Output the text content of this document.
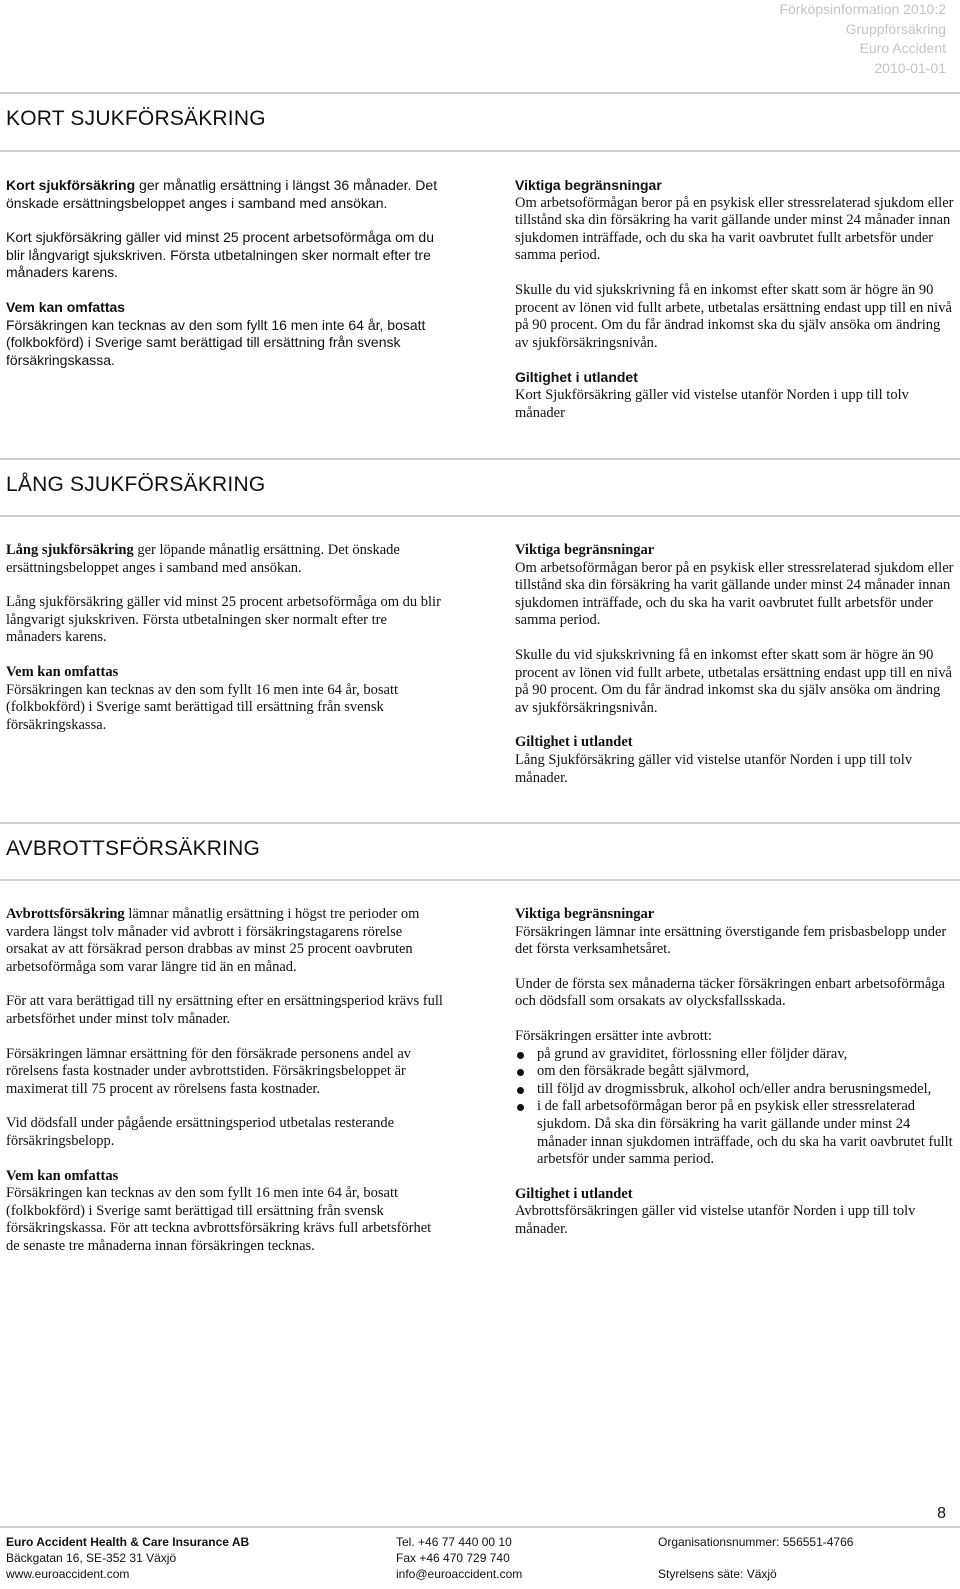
Förköpsinformation 2010:2
Gruppförsäkring
Euro Accident
2010-01-01
KORT SJUKFÖRSÄKRING

Kort sjukförsäkring ger månatlig ersättning i längst 36 månader. Det önskade ersättningsbeloppet anges i samband med ansökan.

Kort sjukförsäkring gäller vid minst 25 procent arbetsoförmåga om du blir långvarigt sjukskriven. Första utbetalningen sker normalt efter tre månaders karens.

Vem kan omfattas

Försäkringen kan tecknas av den som fyllt 16 men inte 64 år, bosatt (folkbokförd) i Sverige samt berättigad till ersättning från svensk försäkringskassa.

Viktiga begränsningar

Om arbetsoförmågan beror på en psykisk eller stressrelaterad sjukdom eller tillstånd ska din försäkring ha varit gällande under minst 24 månader innan sjukdomen inträffade, och du ska ha varit oavbrutet fullt arbetsför under samma period.

Skulle du vid sjukskrivning få en inkomst efter skatt som är högre än 90 procent av lönen vid fullt arbete, utbetalas ersättning endast upp till en nivå på 90 procent. Om du får ändrad inkomst ska du själv ansöka om ändring av sjukförsäkringsnivån.

Giltighet i utlandet

Kort Sjukförsäkring gäller vid vistelse utanför Norden i upp till tolv månader

LÅNG SJUKFÖRSÄKRING

Lång sjukförsäkring ger löpande månatlig ersättning. Det önskade ersättningsbeloppet anges i samband med ansökan.

Lång sjukförsäkring gäller vid minst 25 procent arbetsoförmåga om du blir långvarigt sjukskriven. Första utbetalningen sker normalt efter tre månaders karens.

Vem kan omfattas

Försäkringen kan tecknas av den som fyllt 16 men inte 64 år, bosatt (folkbokförd) i Sverige samt berättigad till ersättning från svensk försäkringskassa.

Viktiga begränsningar

Om arbetsoförmågan beror på en psykisk eller stressrelaterad sjukdom eller tillstånd ska din försäkring ha varit gällande under minst 24 månader innan sjukdomen inträffade, och du ska ha varit oavbrutet fullt arbetsför under samma period.

Skulle du vid sjukskrivning få en inkomst efter skatt som är högre än 90 procent av lönen vid fullt arbete, utbetalas ersättning endast upp till en nivå på 90 procent. Om du får ändrad inkomst ska du själv ansöka om ändring av sjukförsäkringsnivån.

Giltighet i utlandet

Lång Sjukförsäkring gäller vid vistelse utanför Norden i upp till tolv månader.

AVBROTTSFÖRSÄKRING

Avbrottsförsäkring lämnar månatlig ersättning i högst tre perioder om vardera längst tolv månader vid avbrott i försäkringstagarens rörelse orsakat av att försäkrad person drabbas av minst 25 procent oavbruten arbetsoförmåga som varar längre tid än en månad.

För att vara berättigad till ny ersättning efter en ersättningsperiod krävs full arbetsförhet under minst tolv månader.

Försäkringen lämnar ersättning för den försäkrade personens andel av rörelsens fasta kostnader under avbrottstiden. Försäkringsbeloppet är maximerat till 75 procent av rörelsens fasta kostnader.

Vid dödsfall under pågående ersättningsperiod utbetalas resterande försäkringsbelopp.

Vem kan omfattas

Försäkringen kan tecknas av den som fyllt 16 men inte 64 år, bosatt (folkbokförd) i Sverige samt berättigad till ersättning från svensk försäkringskassa. För att teckna avbrottsförsäkring krävs full arbetsförhet de senaste tre månaderna innan försäkringen tecknas.

Viktiga begränsningar

Försäkringen lämnar inte ersättning överstigande fem prisbasbelopp under det första verksamhetsåret.

Under de första sex månaderna täcker försäkringen enbart arbetsoförmåga och dödsfall som orsakats av olycksfallsskada.

Försäkringen ersätter inte avbrott:
på grund av graviditet, förlossning eller följder därav,
om den försäkrade begått självmord,
till följd av drogmissbruk, alkohol och/eller andra berusningsmedel,
i de fall arbetsoförmågan beror på en psykisk eller stressrelaterad sjukdom. Då ska din försäkring ha varit gällande under minst 24 månader innan sjukdomen inträffade, och du ska ha varit oavbrutet fullt arbetsför under samma period.
Giltighet i utlandet

Avbrottsförsäkringen gäller vid vistelse utanför Norden i upp till tolv månader.

8
Euro Accident Health & Care Insurance AB
Bäckgatan 16, SE-352 31 Växjö
www.euroaccident.com
Tel. +46 77 440 00 10
Fax +46 470 729 740
info@euroaccident.com
Organisationsnummer: 556551-4766

Styrelsens säte: Växjö
